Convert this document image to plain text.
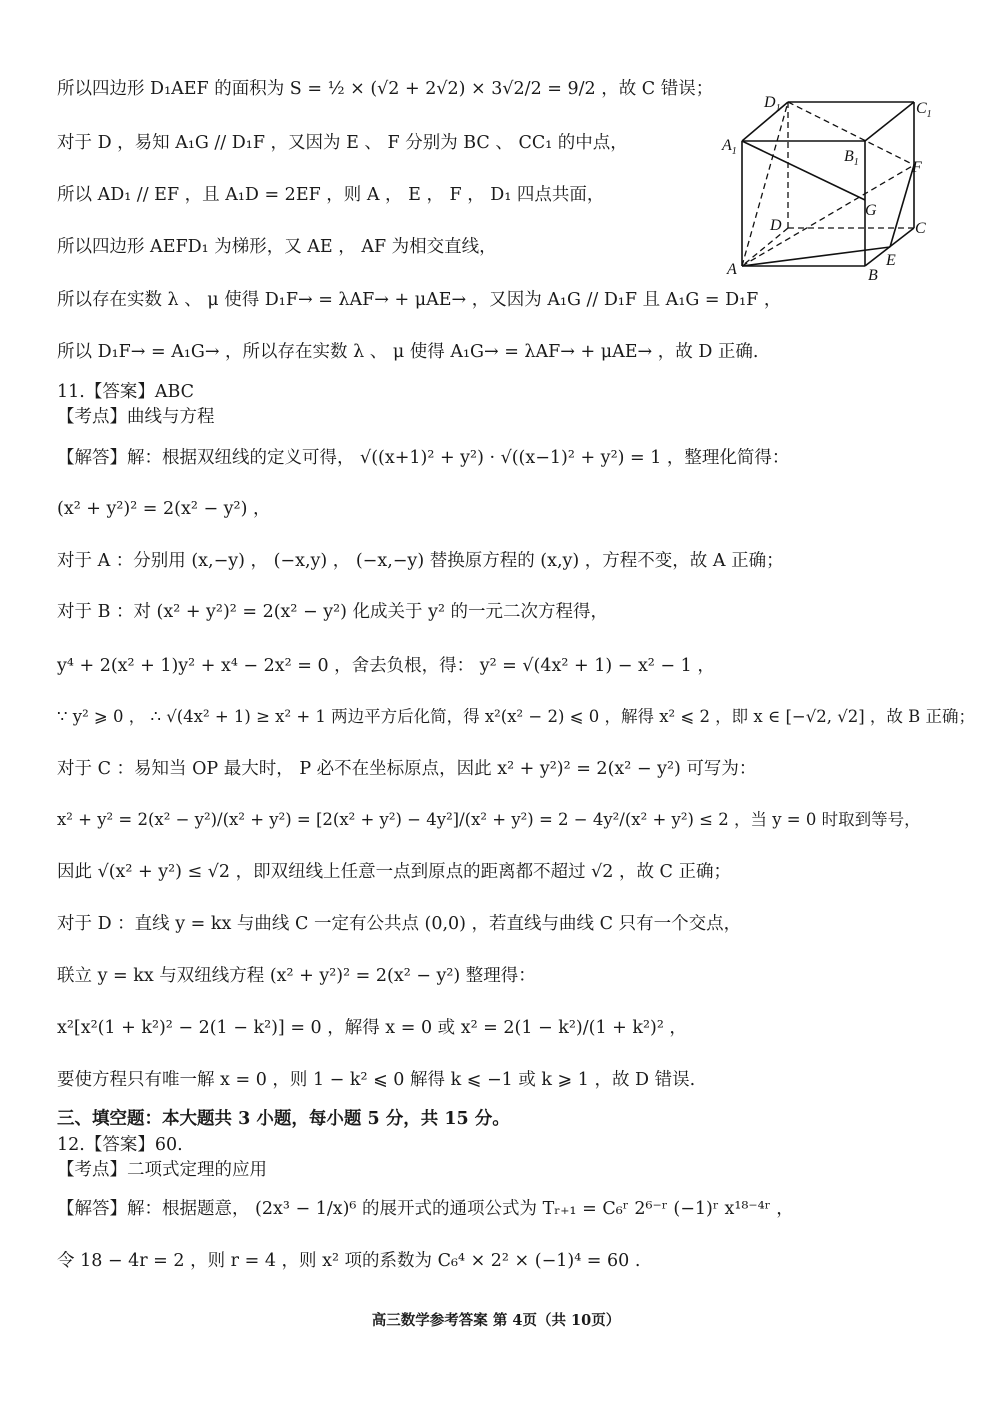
所以四边形 D₁AEF 的面积为 S = ½ × (√2 + 2√2) × 3√2/2 = 9/2 ，故 C 错误；
对于 D ，易知 A₁G // D₁F ，又因为 E 、 F 分别为 BC 、 CC₁ 的中点，
所以 AD₁ // EF ，且 A₁D = 2EF ，则 A ， E ， F ， D₁ 四点共面，
所以四边形 AEFD₁ 为梯形，又 AE ， AF 为相交直线，
所以存在实数 λ 、 μ 使得 D₁F→ = λAF→ + μAE→ ，又因为 A₁G // D₁F 且 A₁G = D₁F ，
所以 D₁F→ = A₁G→ ，所以存在实数 λ 、 μ 使得 A₁G→ = λAF→ + μAE→ ，故 D 正确.
11.【答案】ABC
【考点】曲线与方程
【解答】解：根据双纽线的定义可得， √((x+1)² + y²) · √((x−1)² + y²) = 1 ，整理化简得：
(x² + y²)² = 2(x² − y²) ，
对于 A ：分别用 (x,−y) ， (−x,y) ， (−x,−y) 替换原方程的 (x,y) ，方程不变，故 A 正确；
对于 B ：对 (x² + y²)² = 2(x² − y²) 化成关于 y² 的一元二次方程得，
y⁴ + 2(x² + 1)y² + x⁴ − 2x² = 0 ，舍去负根，得： y² = √(4x² + 1) − x² − 1 ，
∵ y² ⩾ 0 ， ∴ √(4x² + 1) ≥ x² + 1 两边平方后化简，得 x²(x² − 2) ⩽ 0 ，解得 x² ⩽ 2 ，即 x ∈ [−√2, √2] ，故 B 正确；
对于 C ：易知当 OP 最大时， P 必不在坐标原点，因此 x² + y²)² = 2(x² − y²) 可写为：
x² + y² = 2(x² − y²)/(x² + y²) = [2(x² + y²) − 4y²]/(x² + y²) = 2 − 4y²/(x² + y²) ≤ 2 ，当 y = 0 时取到等号，
因此 √(x² + y²) ≤ √2 ，即双纽线上任意一点到原点的距离都不超过 √2 ，故 C 正确；
对于 D ：直线 y = kx 与曲线 C 一定有公共点 (0,0) ，若直线与曲线 C 只有一个交点，
联立 y = kx 与双纽线方程 (x² + y²)² = 2(x² − y²) 整理得：
x²[x²(1 + k²)² − 2(1 − k²)] = 0 ，解得 x = 0 或 x² = 2(1 − k²)/(1 + k²)² ，
要使方程只有唯一解 x = 0 ，则 1 − k² ⩽ 0 解得 k ⩽ −1 或 k ⩾ 1 ，故 D 错误.
三、填空题：本大题共 3 小题，每小题 5 分，共 15 分。
12.【答案】60.
【考点】二项式定理的应用
【解答】解：根据题意， (2x³ − 1/x)⁶ 的展开式的通项公式为 Tᵣ₊₁ = C₆ʳ 2⁶⁻ʳ (−1)ʳ x¹⁸⁻⁴ʳ ，
令 18 − 4r = 2 ，则 r = 4 ，则 x² 项的系数为 C₆⁴ × 2² × (−1)⁴ = 60 .
$D_1$	$C_1$
$A_1$	$B_1$	F
G
D	C
E
A	B
高三数学参考答案 第 4页（共 10页）
